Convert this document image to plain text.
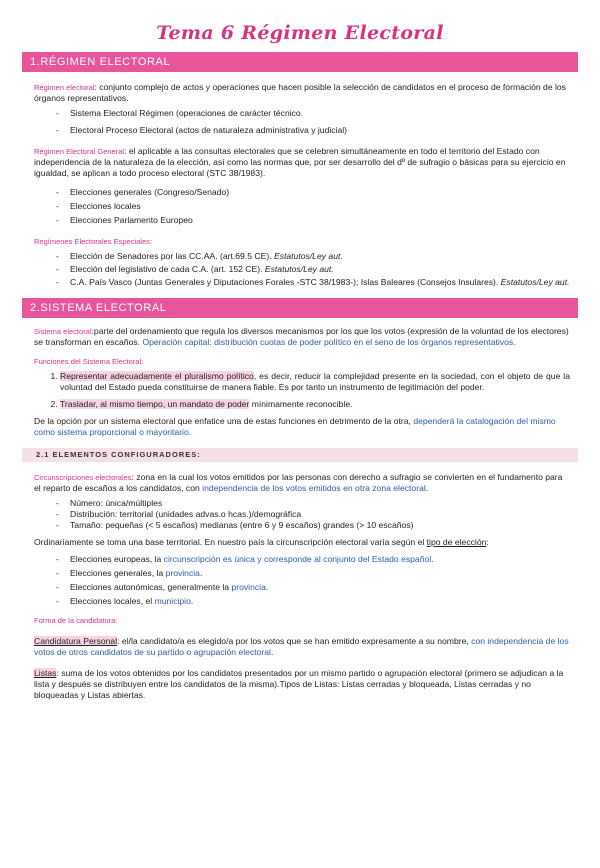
Tema 6 Régimen Electoral
1.RÉGIMEN ELECTORAL

Régimen electoral: conjunto complejo de actos y operaciones que hacen posible la selección de candidatos en el proceso de formación de los órganos representativos.

- Sistema Electoral Régimen (operaciones de carácter técnico.
- Electoral Proceso Electoral (actos de naturaleza administrativa y judicial)

Régimen Electoral General: el aplicable a las consultas electorales que se celebren simultáneamente en todo el territorio del Estado con independencia de la naturaleza de la elección, así como las normas que, por ser desarrollo del dº de sufragio o básicas para su ejercicio en igualdad, se aplican a todo proceso electoral (STC 38/1983).

- Elecciones generales (Congreso/Senado)
- Elecciones locales
- Elecciones Parlamento Europeo

Regímenes Electorales Especiales:

- Elección de Senadores por las CC.AA. (art.69.5 CE). Estatutos/Ley aut.
- Elección del legislativo de cada C.A. (art. 152 CE). Estatutos/Ley aut.
- C.A. País Vasco (Juntas Generales y Diputaciones Forales -STC 38/1983-); Islas Baleares (Consejos Insulares). Estatutos/Ley aut.
2.SISTEMA ELECTORAL

Sistema electoral:parte del ordenamiento que regula los diversos mecanismos por los que los votos (expresión de la voluntad de los electores) se transforman en escaños. Operación capital: distribución cuotas de poder político en el seno de los órganos representativos.

Funciones del Sistema Electoral:

1. Representar adecuadamente el pluralismo político, es decir, reducir la complejidad presente en la sociedad, con el objeto de que la voluntad del Estado pueda constituirse de manera fiable. Es por tanto un instrumento de legitimación del poder.
2. Trasladar, al mismo tiempo, un mandato de poder mínimamente reconocible.

De la opción por un sistema electoral que enfatice una de estas funciones en detrimento de la otra, dependerá la catalogación del mismo como sistema proporcional o mayoritario.

2.1 ELEMENTOS CONFIGURADORES:

Circunscripciones electorales: zona en la cual los votos emitidos por las personas con derecho a sufragio se convierten en el fundamento para el reparto de escaños a los candidatos, con independencia de los votos emitidos en otra zona electoral.

- Número: única/múltiples
- Distribución: territorial (unidades advas.o hcas.)/demográfica
- Tamaño: pequeñas (< 5 escaños) medianas (entre 6 y 9 escaños) grandes (> 10 escaños)

Ordinariamente se toma una base territorial. En nuestro país la circunscripción electoral varía según el tipo de elección:

- Elecciones europeas, la circunscripción es única y corresponde al conjunto del Estado español.
- Elecciones generales, la provincia.
- Elecciones autonómicas, generalmente la provincia.
- Elecciones locales, el municipio.

Forma de la candidatura:

Candidatura Personal: el/la candidato/a es elegido/a por los votos que se han emitido expresamente a su nombre, con independencia de los votos de otros candidatos de su partido o agrupación electoral.

Listas: suma de los votos obtenidos por los candidatos presentados por un mismo partido o agrupación electoral (primero se adjudican a la lista y después se distribuyen entre los candidatos de la misma).Tipos de Listas: Listas cerradas y bloqueada, Listas cerradas y no bloqueadas y Listas abiertas.
